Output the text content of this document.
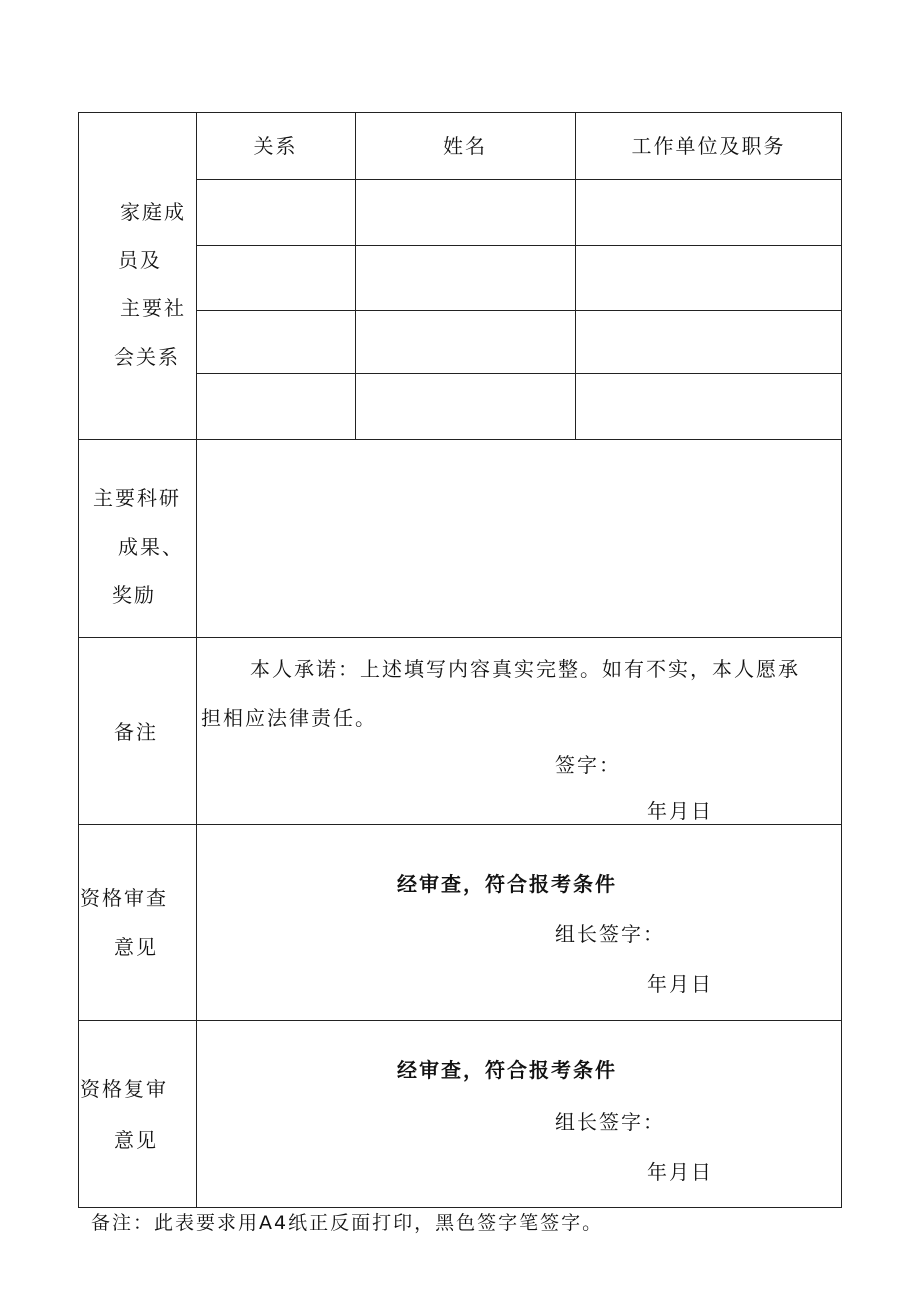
家庭成
员及
主要社
会关系
关系	姓名	工作单位及职务
主要科研
成果、
奖励
备注
本人承诺：上述填写内容真实完整。如有不实，本人愿承
担相应法律责任。
签字：
年月日
资格审查
意见
经审查，符合报考条件
组长签字：
年月日
资格复审
意见
经审查，符合报考条件
组长签字：
年月日
备注：此表要求用A4纸正反面打印，黑色签字笔签字。
